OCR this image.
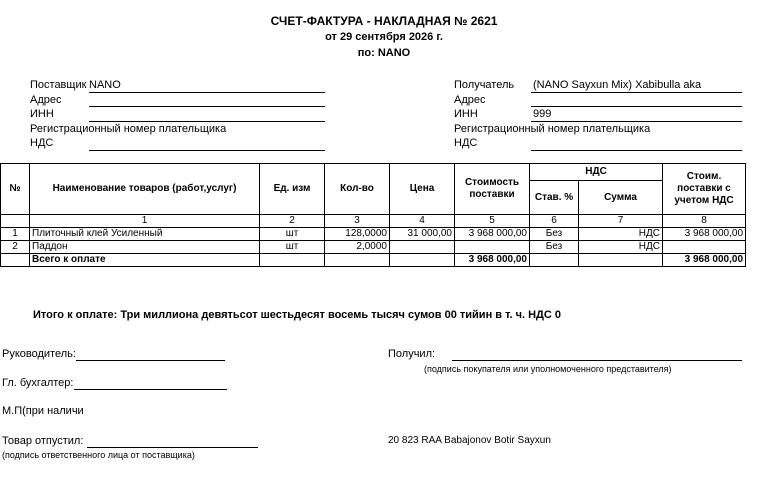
СЧЕТ-ФАКТУРА - НАКЛАДНАЯ № 2621
от 29 сентября 2026 г.
по: NANO
Поставщик NANO
Адрес
ИНН
Регистрационный номер плательщика
НДС
Получатель (NANO Sayxun Mix) Xabibulla aka
Адрес
ИНН	999
Регистрационный номер плательщика
НДС
№	Наименование товаров (работ,услуг)	Ед. изм	Кол-во	Цена	Стоимость поставки	НДС		Стоим. поставки с учетом НДС
						Став. %	Сумма	
	1	2	3	4	5	6	7	8
1	Плиточный клей Усиленный	шт	128,0000	31 000,00	3 968 000,00	Без	НДС	3 968 000,00
2	Паддон	шт	2,0000			Без	НДС	
	Всего к оплате				3 968 000,00			3 968 000,00
Итого к оплате: Три миллиона девятьсот шестьдесят восемь тысяч сумов 00 тийин в т. ч. НДС 0
Руководитель:	Получил:
(подпись покупателя или уполномоченного представителя)
Гл. бухгалтер:
М.П(при наличи
Товар отпустил:
(подпись ответственного лица от поставщика)
20 823 RAA Babajonov Botir Sayxun
